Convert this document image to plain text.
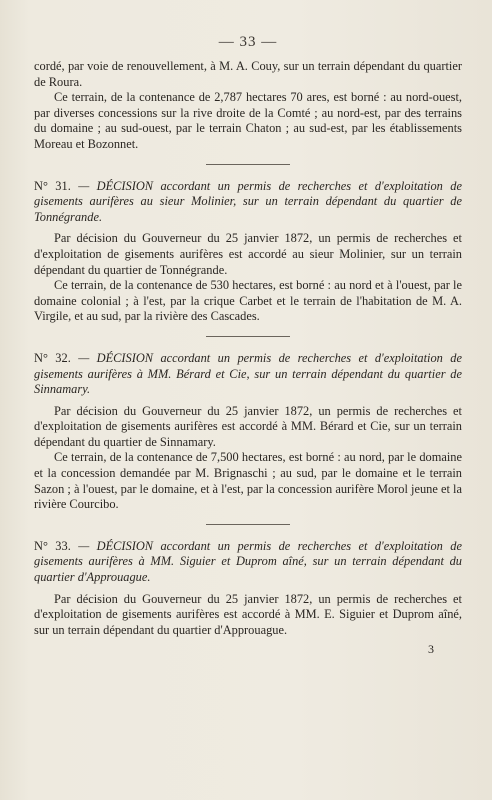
— 33 —

cordé, par voie de renouvellement, à M. A. Couy, sur un terrain dépendant du quartier de Roura.

Ce terrain, de la contenance de 2,787 hectares 70 ares, est borné : au nord-ouest, par diverses concessions sur la rive droite de la Comté ; au nord-est, par des terrains du domaine ; au sud-ouest, par le terrain Chaton ; au sud-est, par les établissements Moreau et Bozonnet.

N° 31. — DÉCISION accordant un permis de recherches et d'exploitation de gisements aurifères au sieur Molinier, sur un terrain dépendant du quartier de Tonnégrande.

Par décision du Gouverneur du 25 janvier 1872, un permis de recherches et d'exploitation de gisements aurifères est accordé au sieur Molinier, sur un terrain dépendant du quartier de Tonnégrande.

Ce terrain, de la contenance de 530 hectares, est borné : au nord et à l'ouest, par le domaine colonial ; à l'est, par la crique Carbet et le terrain de l'habitation de M. A. Virgile, et au sud, par la rivière des Cascades.

N° 32. — DÉCISION accordant un permis de recherches et d'exploitation de gisements aurifères à MM. Bérard et Cie, sur un terrain dépendant du quartier de Sinnamary.

Par décision du Gouverneur du 25 janvier 1872, un permis de recherches et d'exploitation de gisements aurifères est accordé à MM. Bérard et Cie, sur un terrain dépendant du quartier de Sinnamary.

Ce terrain, de la contenance de 7,500 hectares, est borné : au nord, par le domaine et la concession demandée par M. Brignaschi ; au sud, par le domaine et le terrain Sazon ; à l'ouest, par le domaine, et à l'est, par la concession aurifère Morol jeune et la rivière Courcibo.

N° 33. — DÉCISION accordant un permis de recherches et d'exploitation de gisements aurifères à MM. Siguier et Duprom aîné, sur un terrain dépendant du quartier d'Approuague.

Par décision du Gouverneur du 25 janvier 1872, un permis de recherches et d'exploitation de gisements aurifères est accordé à MM. E. Siguier et Duprom aîné, sur un terrain dépendant du quartier d'Approuague.

3
